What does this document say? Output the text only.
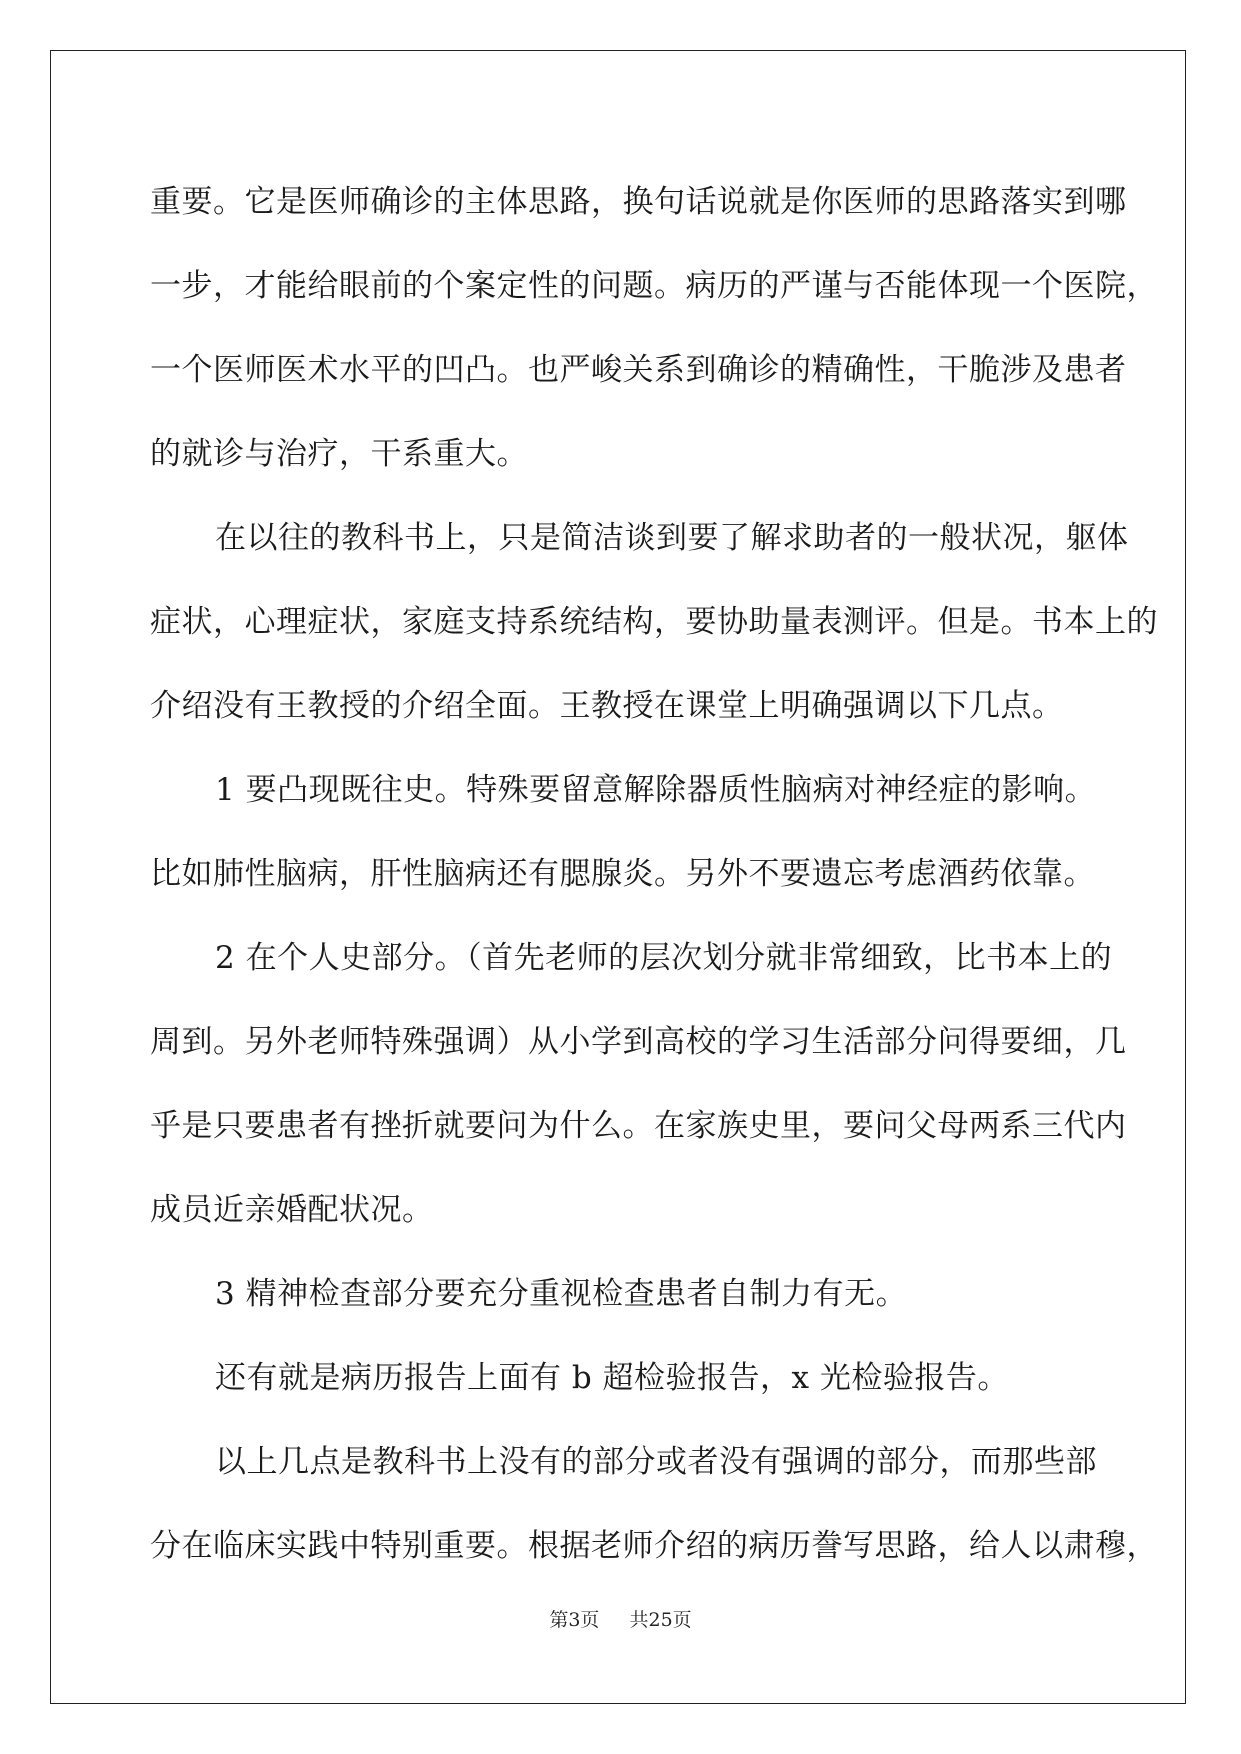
重要。它是医师确诊的主体思路，换句话说就是你医师的思路落实到哪
一步，才能给眼前的个案定性的问题。病历的严谨与否能体现一个医院，
一个医师医术水平的凹凸。也严峻关系到确诊的精确性，干脆涉及患者
的就诊与治疗，干系重大。
在以往的教科书上，只是简洁谈到要了解求助者的一般状况，躯体
症状，心理症状，家庭支持系统结构，要协助量表测评。但是。书本上的
介绍没有王教授的介绍全面。王教授在课堂上明确强调以下几点。
1 要凸现既往史。特殊要留意解除器质性脑病对神经症的影响。
比如肺性脑病，肝性脑病还有腮腺炎。另外不要遗忘考虑酒药依靠。
2 在个人史部分。（首先老师的层次划分就非常细致，比书本上的
周到。另外老师特殊强调）从小学到高校的学习生活部分问得要细，几
乎是只要患者有挫折就要问为什么。在家族史里，要问父母两系三代内
成员近亲婚配状况。
3 精神检查部分要充分重视检查患者自制力有无。
还有就是病历报告上面有 b 超检验报告，x 光检验报告。
以上几点是教科书上没有的部分或者没有强调的部分，而那些部
分在临床实践中特别重要。根据老师介绍的病历誊写思路，给人以肃穆，
第3页 共25页
